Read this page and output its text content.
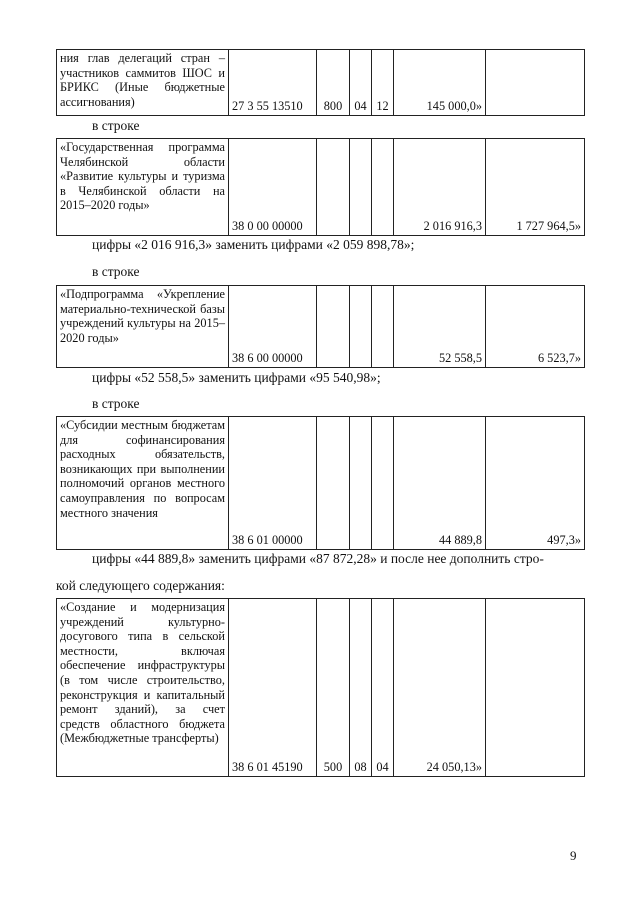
ния глав делегаций стран – участников саммитов ШОС и БРИКС (Иные бюджетные ассигнования)	27 3 55 13510	800	04	12	145 000,0»	
в строке
«Государственная программа Челябинской области «Развитие культуры и туризма в Челябинской области на 2015–2020 годы»	38 0 00 00000				2 016 916,3	1 727 964,5»
цифры «2 016 916,3» заменить цифрами «2 059 898,78»;
в строке
«Подпрограмма «Укрепление материально-технической базы учреждений культуры на 2015–2020 годы»	38 6 00 00000				52 558,5	6 523,7»
цифры «52 558,5» заменить цифрами «95 540,98»;
в строке
«Субсидии местным бюджетам для софинансирования расходных обязательств, возникающих при выполнении полномочий органов местного самоуправления по вопросам местного значения	38 6 01 00000				44 889,8	497,3»
цифры «44 889,8» заменить цифрами «87 872,28» и после нее дополнить стро-
кой следующего содержания:
«Создание и модернизация учреждений культурно-досугового типа в сельской местности, включая обеспечение инфраструктуры (в том числе строительство, реконструкция и капитальный ремонт зданий), за счет средств областного бюджета (Межбюджетные трансферты)	38 6 01 45190	500	08	04	24 050,13»	
9
